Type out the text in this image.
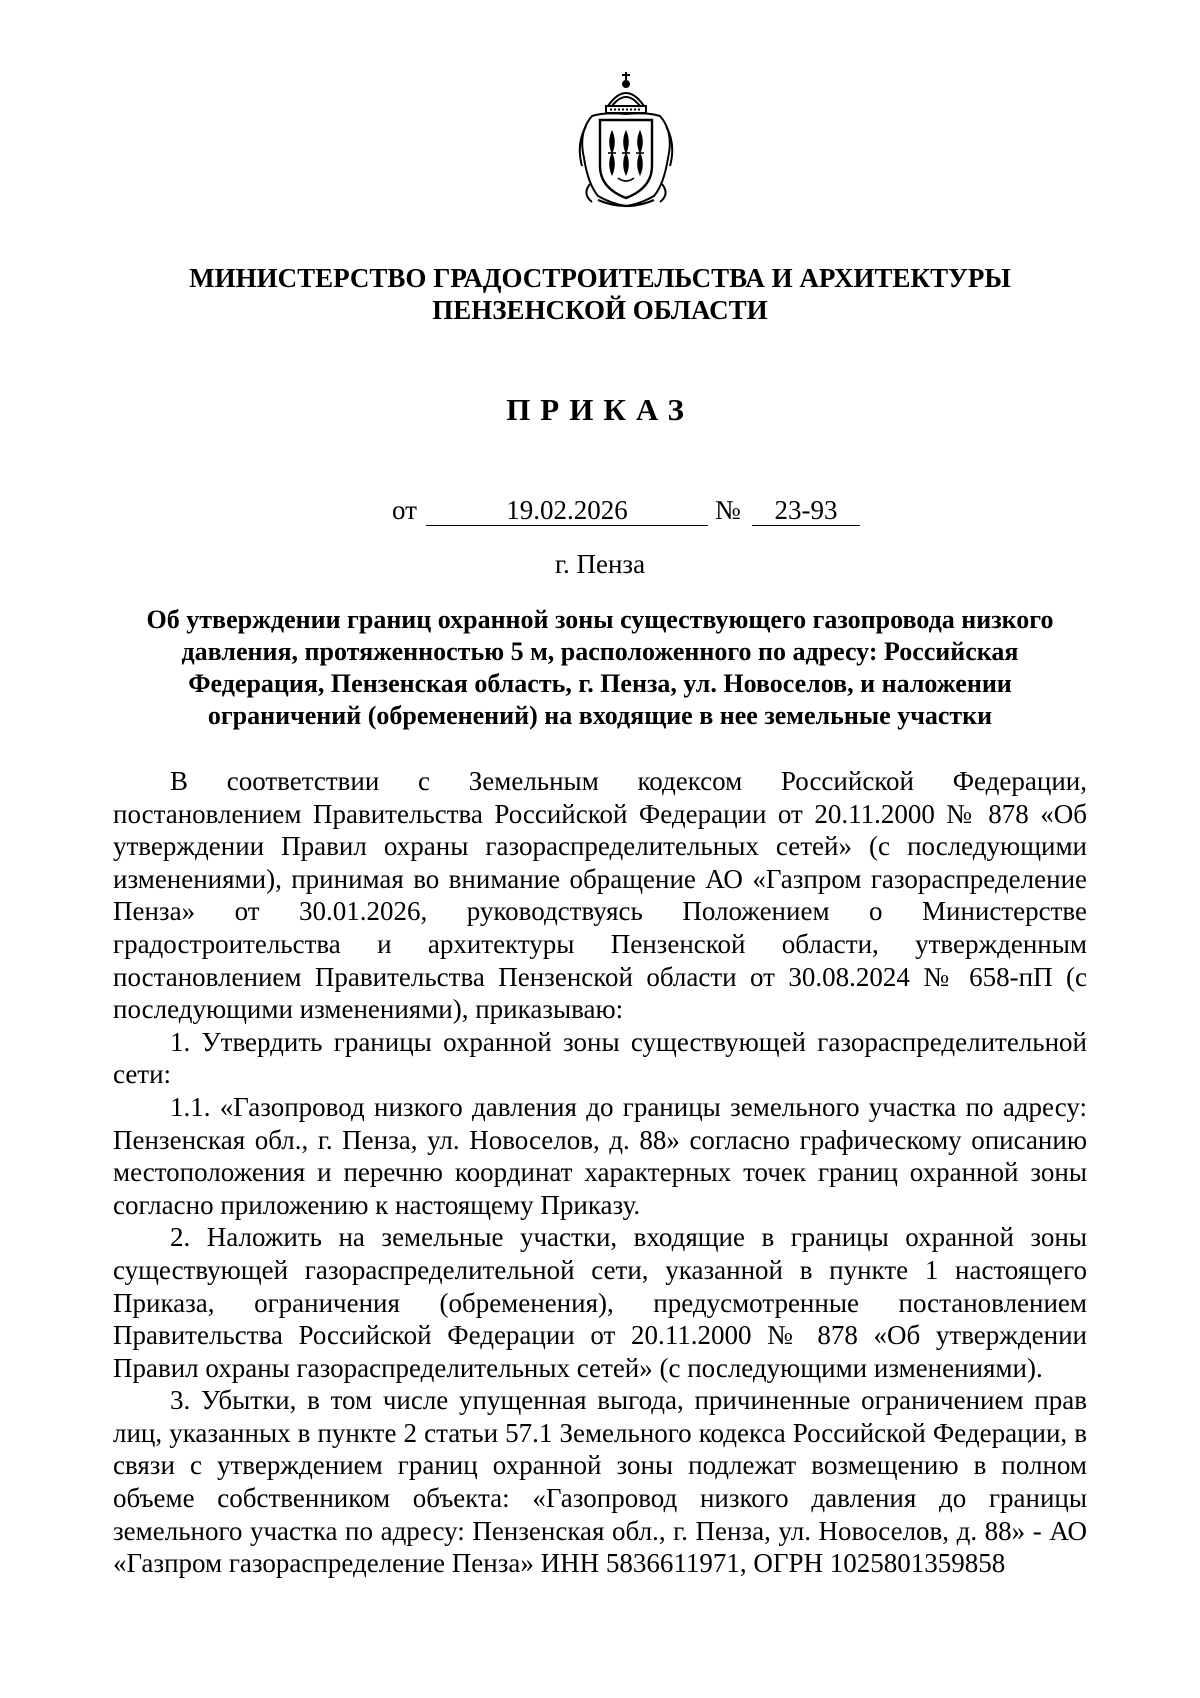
МИНИСТЕРСТВО ГРАДОСТРОИТЕЛЬСТВА И АРХИТЕКТУРЫ
ПЕНЗЕНСКОЙ ОБЛАСТИ
ПРИКАЗ
от	19.02.2026	№	23-93
г. Пенза
Об утверждении границ охранной зоны существующего газопровода низкого
давления, протяженностью 5 м, расположенного по адресу: Российская
Федерация, Пензенская область, г. Пенза, ул. Новоселов, и наложении
ограничений (обременений) на входящие в нее земельные участки

В соответствии с Земельным кодексом Российской Федерации, постановлением Правительства Российской Федерации от 20.11.2000 № 878 «Об утверждении Правил охраны газораспределительных сетей» (с последующими изменениями), принимая во внимание обращение АО «Газпром газораспределение Пенза» от 30.01.2026, руководствуясь Положением о Министерстве градостроительства и архитектуры Пензенской области, утвержденным постановлением Правительства Пензенской области от 30.08.2024 № 658-пП (с последующими изменениями), приказываю:

1. Утвердить границы охранной зоны существующей газораспределительной сети:

1.1. «Газопровод низкого давления до границы земельного участка по адресу: Пензенская обл., г. Пенза, ул. Новоселов, д. 88» согласно графическому описанию местоположения и перечню координат характерных точек границ охранной зоны согласно приложению к настоящему Приказу.

2. Наложить на земельные участки, входящие в границы охранной зоны существующей газораспределительной сети, указанной в пункте 1 настоящего Приказа, ограничения (обременения), предусмотренные постановлением Правительства Российской Федерации от 20.11.2000 № 878 «Об утверждении Правил охраны газораспределительных сетей» (с последующими изменениями).

3. Убытки, в том числе упущенная выгода, причиненные ограничением прав лиц, указанных в пункте 2 статьи 57.1 Земельного кодекса Российской Федерации, в связи с утверждением границ охранной зоны подлежат возмещению в полном объеме собственником объекта: «Газопровод низкого давления до границы земельного участка по адресу: Пензенская обл., г. Пенза, ул. Новоселов, д. 88» - АО «Газпром газораспределение Пенза» ИНН 5836611971, ОГРН 1025801359858
